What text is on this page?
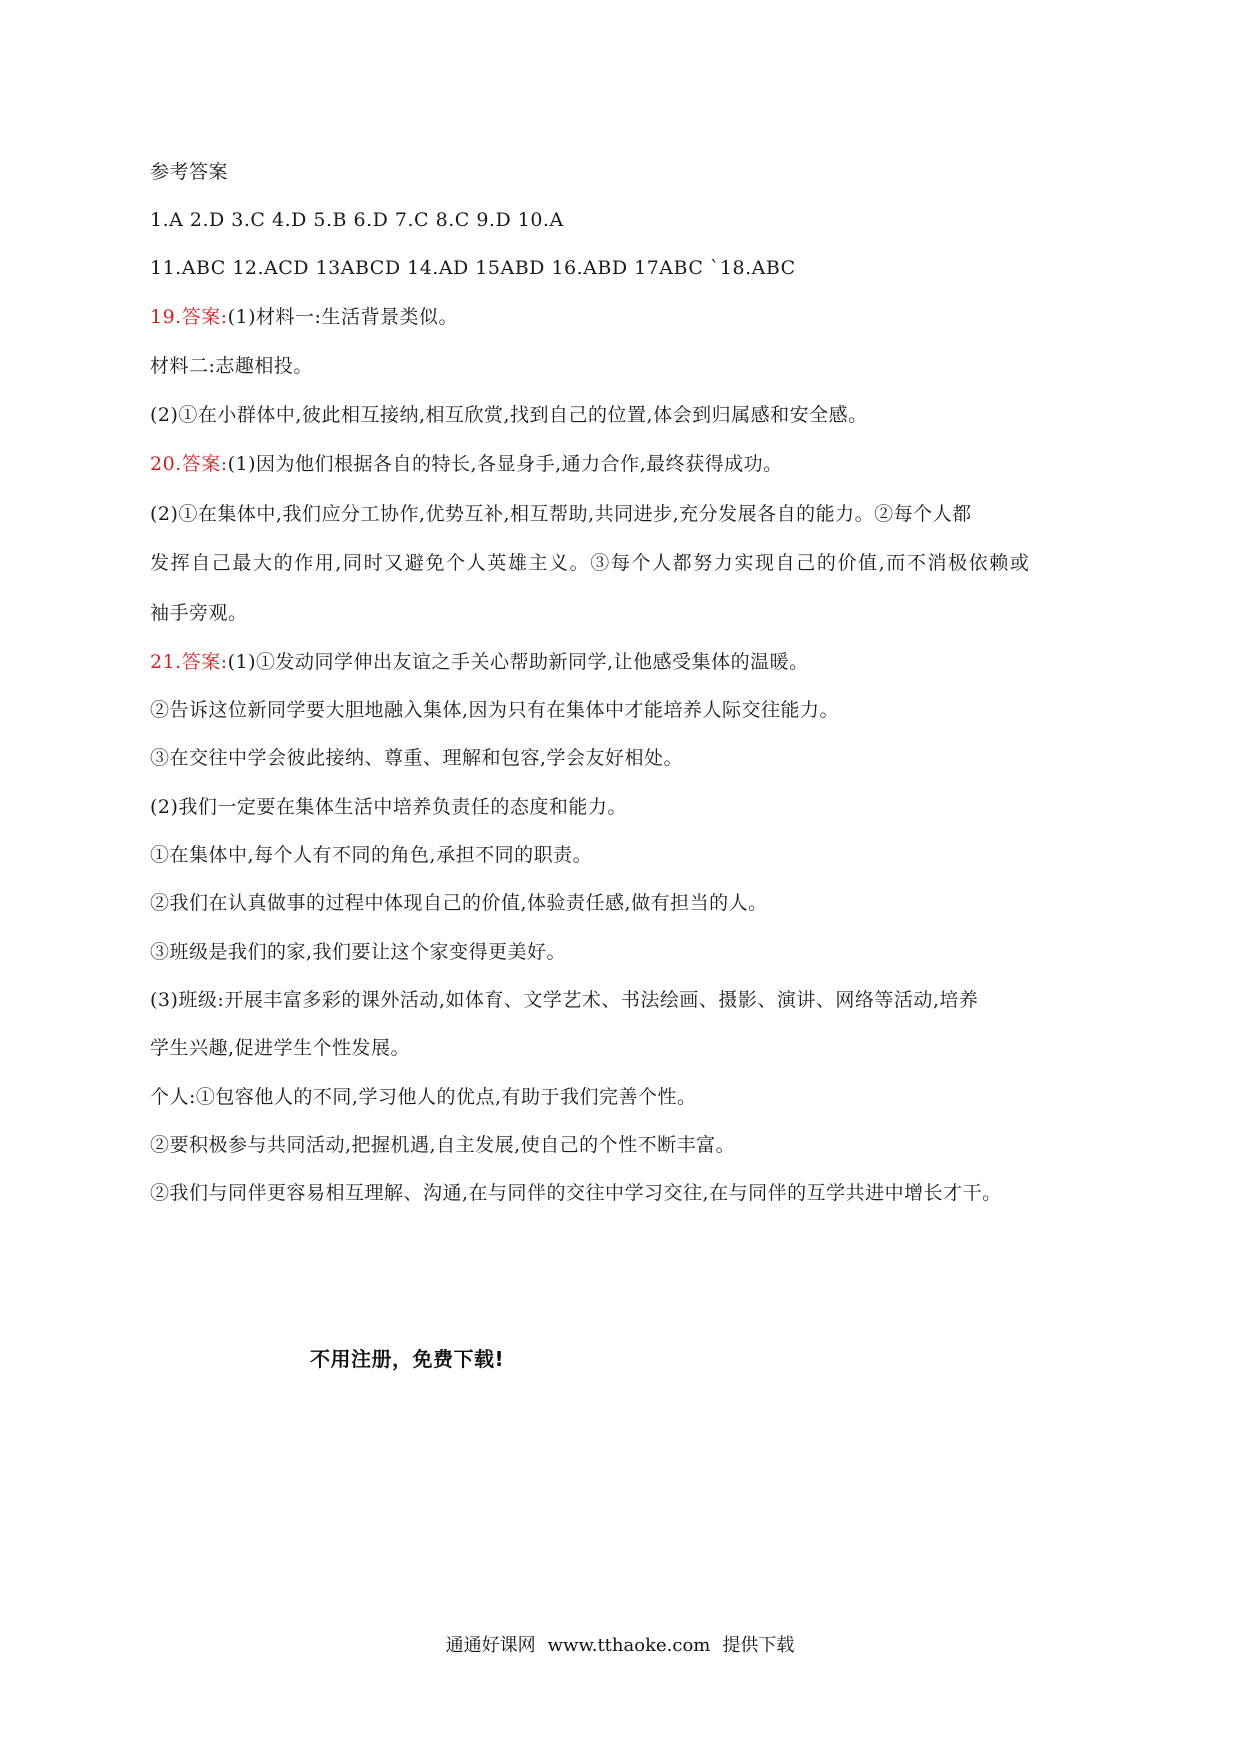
参考答案
1.A 2.D 3.C 4.D 5.B 6.D 7.C 8.C 9.D 10.A
11.ABC 12.ACD 13ABCD 14.AD 15ABD 16.ABD 17ABC `18.ABC
19.答案:(1)材料一:生活背景类似。
材料二:志趣相投。
(2)①在小群体中,彼此相互接纳,相互欣赏,找到自己的位置,体会到归属感和安全感。
20.答案:(1)因为他们根据各自的特长,各显身手,通力合作,最终获得成功。
(2)①在集体中,我们应分工协作,优势互补,相互帮助,共同进步,充分发展各自的能力。②每个人都
发挥自己最大的作用,同时又避免个人英雄主义。③每个人都努力实现自己的价值,而不消极依赖或
袖手旁观。
21.答案:(1)①发动同学伸出友谊之手关心帮助新同学,让他感受集体的温暖。
②告诉这位新同学要大胆地融入集体,因为只有在集体中才能培养人际交往能力。
③在交往中学会彼此接纳、尊重、理解和包容,学会友好相处。
(2)我们一定要在集体生活中培养负责任的态度和能力。
①在集体中,每个人有不同的角色,承担不同的职责。
②我们在认真做事的过程中体现自己的价值,体验责任感,做有担当的人。
③班级是我们的家,我们要让这个家变得更美好。
(3)班级:开展丰富多彩的课外活动,如体育、文学艺术、书法绘画、摄影、演讲、网络等活动,培养
学生兴趣,促进学生个性发展。
个人:①包容他人的不同,学习他人的优点,有助于我们完善个性。
②要积极参与共同活动,把握机遇,自主发展,使自己的个性不断丰富。
②我们与同伴更容易相互理解、沟通,在与同伴的交往中学习交往,在与同伴的互学共进中增长才干。
不用注册，免费下载!
通通好课网 www.tthaoke.com 提供下载
